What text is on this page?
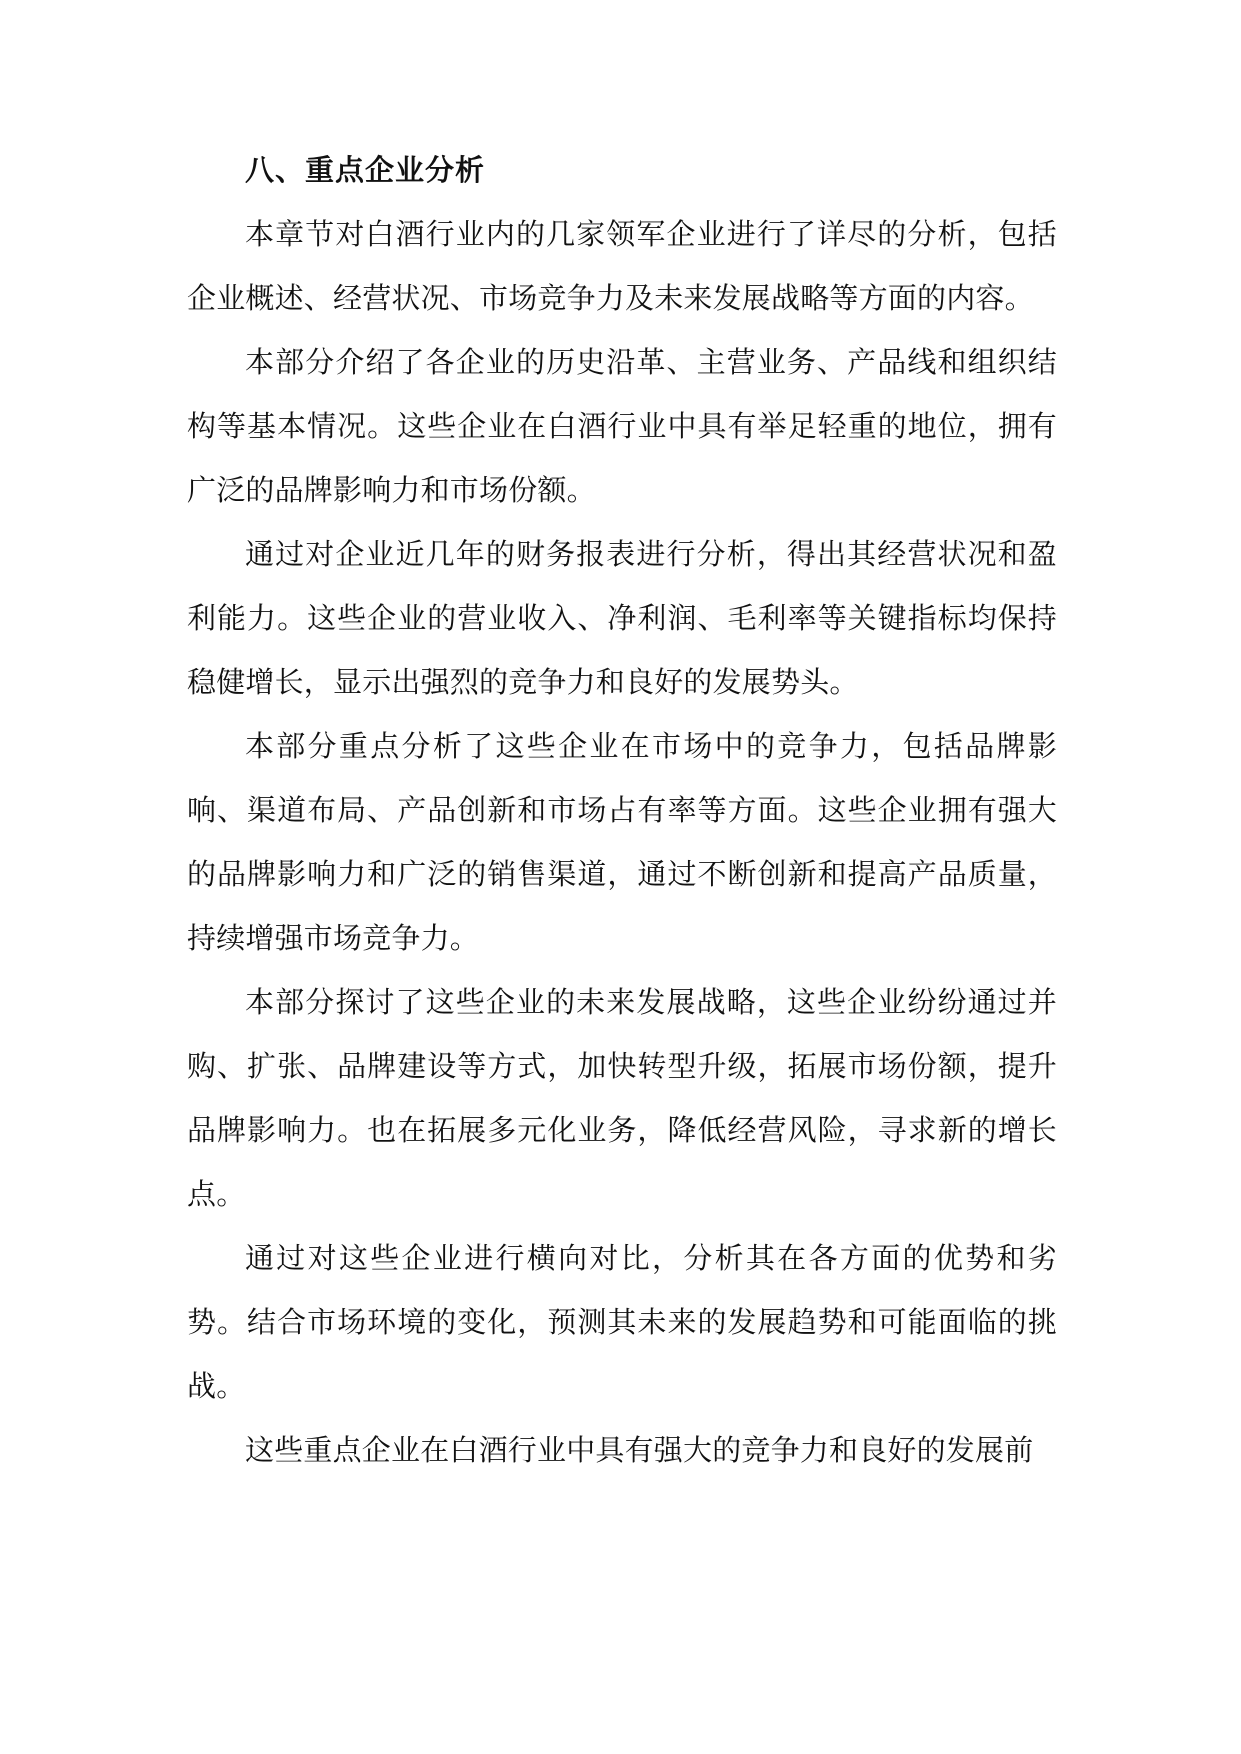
八、重点企业分析

本章节对白酒行业内的几家领军企业进行了详尽的分析，包括企业概述、经营状况、市场竞争力及未来发展战略等方面的内容。

本部分介绍了各企业的历史沿革、主营业务、产品线和组织结构等基本情况。这些企业在白酒行业中具有举足轻重的地位，拥有广泛的品牌影响力和市场份额。

通过对企业近几年的财务报表进行分析，得出其经营状况和盈利能力。这些企业的营业收入、净利润、毛利率等关键指标均保持稳健增长，显示出强烈的竞争力和良好的发展势头。

本部分重点分析了这些企业在市场中的竞争力，包括品牌影响、渠道布局、产品创新和市场占有率等方面。这些企业拥有强大的品牌影响力和广泛的销售渠道，通过不断创新和提高产品质量，持续增强市场竞争力。

本部分探讨了这些企业的未来发展战略，这些企业纷纷通过并购、扩张、品牌建设等方式，加快转型升级，拓展市场份额，提升品牌影响力。也在拓展多元化业务，降低经营风险，寻求新的增长点。

通过对这些企业进行横向对比，分析其在各方面的优势和劣势。结合市场环境的变化，预测其未来的发展趋势和可能面临的挑战。

这些重点企业在白酒行业中具有强大的竞争力和良好的发展前
